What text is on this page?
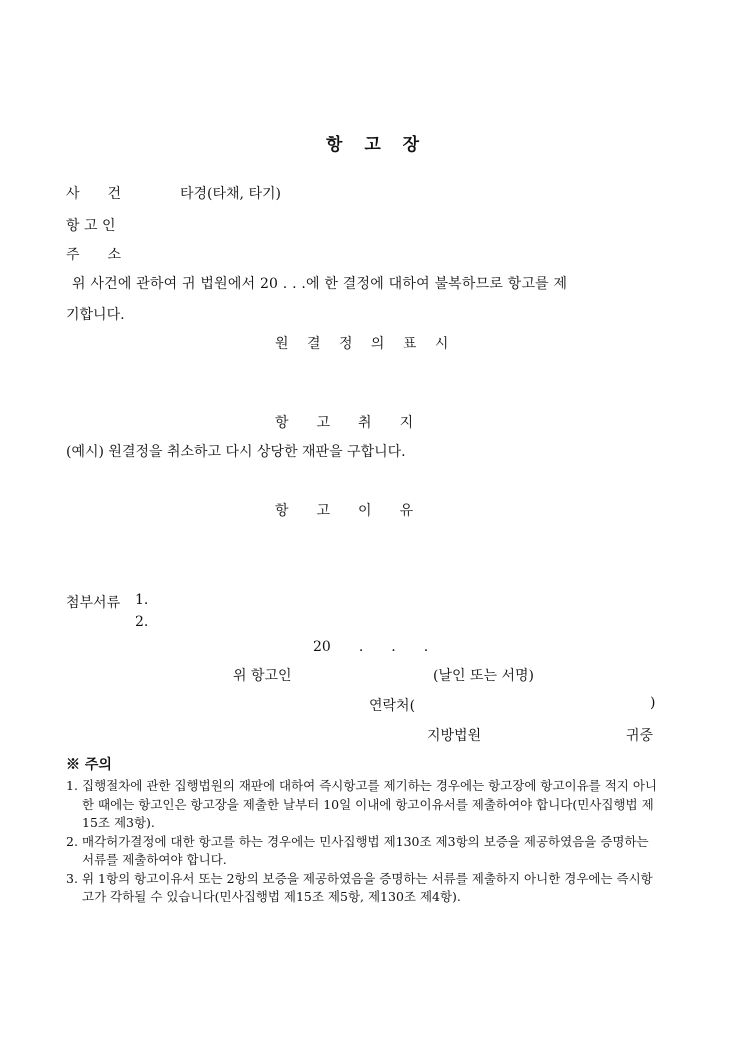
항 고 장
사　　건	타경(타채, 타기)
항 고 인
주　　소
위 사건에 관하여 귀 법원에서 20 . . .에 한 결정에 대하여 불복하므로 항고를 제
기합니다.
원 결 정 의 표 시
항　　고　　취　　지
(예시) 원결정을 취소하고 다시 상당한 재판을 구합니다.
항　　고　　이　　유
첨부서류 1.
2.
20　　.　　.　　.
위 항고인	(날인 또는 서명)
연락처(	)
지방법원	귀중
※ 주의
1. 집행절차에 관한 집행법원의 재판에 대하여 즉시항고를 제기하는 경우에는 항고장에 항고이유를 적지 아니한 때에는 항고인은 항고장을 제출한 날부터 10일 이내에 항고이유서를 제출하여야 합니다(민사집행법 제15조 제3항).
2. 매각허가결정에 대한 항고를 하는 경우에는 민사집행법 제130조 제3항의 보증을 제공하였음을 증명하는 서류를 제출하여야 합니다.
3. 위 1항의 항고이유서 또는 2항의 보증을 제공하였음을 증명하는 서류를 제출하지 아니한 경우에는 즉시항고가 각하될 수 있습니다(민사집행법 제15조 제5항, 제130조 제4항).
